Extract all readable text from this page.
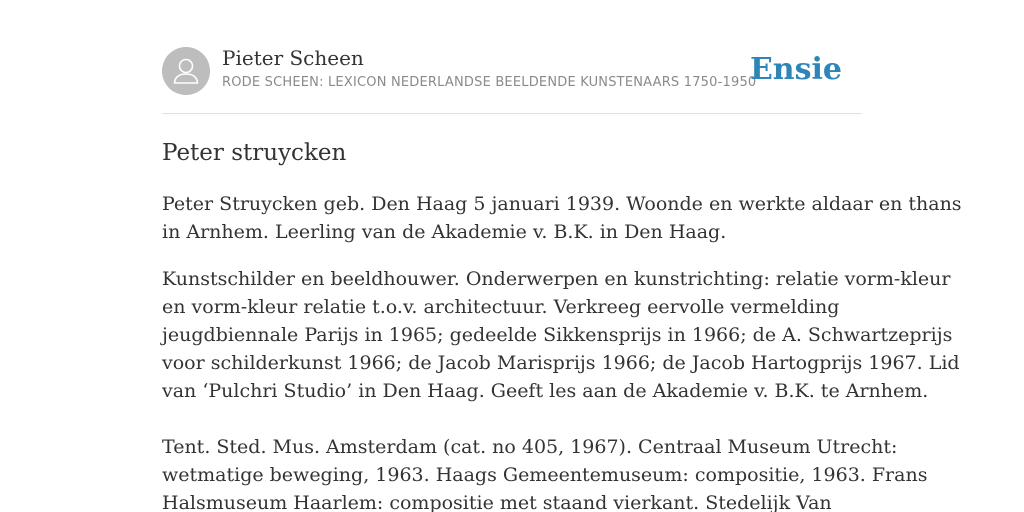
Pieter Scheen
RODE SCHEEN: LEXICON NEDERLANDSE BEELDENDE KUNSTENAARS 1750-1950
Ensie
Peter struycken

Peter Struycken geb. Den Haag 5 januari 1939. Woonde en werkte aldaar en thans
in Arnhem. Leerling van de Akademie v. B.K. in Den Haag.

Kunstschilder en beeldhouwer. Onderwerpen en kunstrichting: relatie vorm-kleur
en vorm-kleur relatie t.o.v. architectuur. Verkreeg eervolle vermelding
jeugdbiennale Parijs in 1965; gedeelde Sikkensprijs in 1966; de A. Schwartzeprijs
voor schilderkunst 1966; de Jacob Marisprijs 1966; de Jacob Hartogprijs 1967. Lid
van ‘Pulchri Studio’ in Den Haag. Geeft les aan de Akademie v. B.K. te Arnhem.

Tent. Sted. Mus. Amsterdam (cat. no 405, 1967). Centraal Museum Utrecht:
wetmatige beweging, 1963. Haags Gemeentemuseum: compositie, 1963. Frans
Halsmuseum Haarlem: compositie met staand vierkant. Stedelijk Van
